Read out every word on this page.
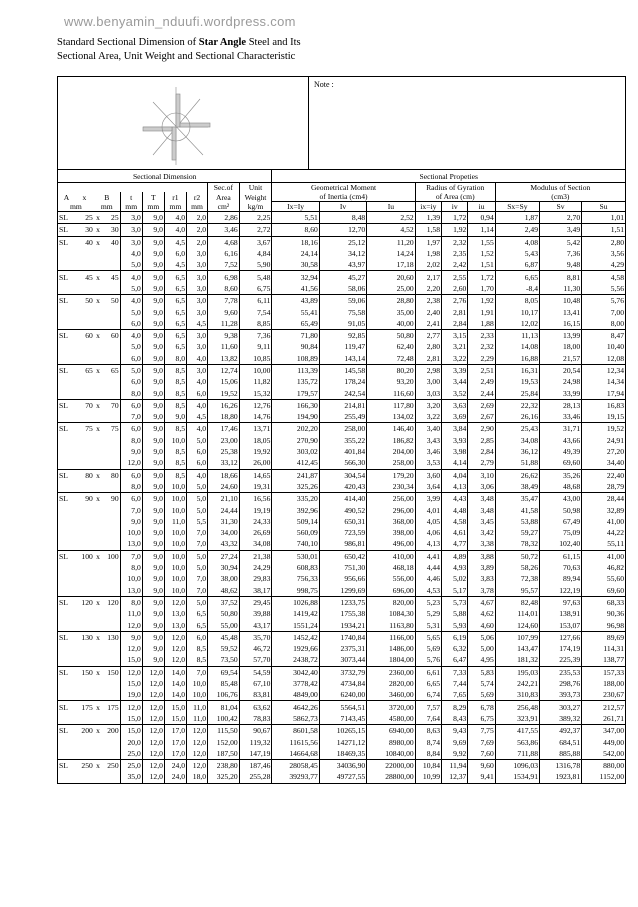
www.benyamin_nduufi.wordpress.com
Standard Sectional Dimension of Star Angle Steel and Its
Sectional Area, Unit Weight and Sectional Characteristic
Note :
Sectional Dimension										Sectional Propeties								
								Sec.of	Unit	Geometrical Moment			Radius of Gyration			Modulus of Section		
A	x	B		t	T	r1	r2	Area	Weight	of Inertia (cm4)			of Area (cm)			(cm3)		
mm		mm		mm	mm	mm	mm	cm²	kg/m	Ix=Iy	Iv	Iu	ix=iy	iv	iu	Sx=Sy	Sv	Su
SL	25	x	25	3,0	9,0	4,0	2,0	2,86	2,25	5,51	8,48	2,52	1,39	1,72	0,94	1,87	2,70	1,01
SL	30	x	30	3,0	9,0	4,0	2,0	3,46	2,72	8,60	12,70	4,52	1,58	1,92	1,14	2,49	3,49	1,51
SL	40	x	40	3,0	9,0	4,5	2,0	4,68	3,67	18,16	25,12	11,20	1,97	2,32	1,55	4,08	5,42	2,80
				4,0	9,0	6,0	3,0	6,16	4,84	24,14	34,12	14,24	1,98	2,35	1,52	5,43	7,36	3,56
				5,0	9,0	4,5	3,0	7,52	5,90	30,58	43,97	17,18	2,02	2,42	1,51	6,87	9,48	4,29
SL	45	x	45	4,0	9,0	6,5	3,0	6,98	5,48	32,94	45,27	20,60	2,17	2,55	1,72	6,65	8,81	4,58
				5,0	9,0	6,5	3,0	8,60	6,75	41,56	58,06	25,00	2,20	2,60	1,70	-8,4	11,30	5,56
SL	50	x	50	4,0	9,0	6,5	3,0	7,78	6,11	43,89	59,06	28,80	2,38	2,76	1,92	8,05	10,48	5,76
				5,0	9,0	6,5	3,0	9,60	7,54	55,41	75,58	35,00	2,40	2,81	1,91	10,17	13,41	7,00
				6,0	9,0	6,5	4,5	11,28	8,85	65,49	91,05	40,00	2,41	2,84	1,88	12,02	16,15	8,00
SL	60	x	60	4,0	9,0	6,5	3,0	9,38	7,36	71,80	92,85	50,80	2,77	3,15	2,33	11,13	13,99	8,47
				5,0	9,0	6,5	3,0	11,60	9,11	90,84	119,47	62,40	2,80	3,21	2,32	14,08	18,00	10,40
				6,0	9,0	8,0	4,0	13,82	10,85	108,89	143,14	72,48	2,81	3,22	2,29	16,88	21,57	12,08
SL	65	x	65	5,0	9,0	8,5	3,0	12,74	10,00	113,39	145,58	80,20	2,98	3,39	2,51	16,31	20,54	12,34
				6,0	9,0	8,5	4,0	15,06	11,82	135,72	178,24	93,20	3,00	3,44	2,49	19,53	24,98	14,34
				8,0	9,0	8,5	6,0	19,52	15,32	179,57	242,54	116,60	3,03	3,52	2,44	25,84	33,99	17,94
SL	70	x	70	6,0	9,0	8,5	4,0	16,26	12,76	166,30	214,81	117,80	3,20	3,63	2,69	22,32	28,13	16,83
				7,0	9,0	9,0	4,5	18,80	14,76	194,90	255,49	134,02	3,22	3,69	2,67	26,16	33,46	19,15
SL	75	x	75	6,0	9,0	8,5	4,0	17,46	13,71	202,20	258,00	146,40	3,40	3,84	2,90	25,43	31,71	19,52
				8,0	9,0	10,0	5,0	23,00	18,05	270,90	355,22	186,82	3,43	3,93	2,85	34,08	43,66	24,91
				9,0	9,0	8,5	6,0	25,38	19,92	303,02	401,84	204,00	3,46	3,98	2,84	36,12	49,39	27,20
				12,0	9,0	8,5	6,0	33,12	26,00	412,45	566,30	258,00	3,53	4,14	2,79	51,88	69,60	34,40
SL	80	x	80	6,0	9,0	8,5	4,0	18,66	14,65	241,87	304,54	179,20	3,60	4,04	3,10	26,62	35,26	22,40
				8,0	9,0	10,0	5,0	24,60	19,31	325,26	420,43	230,34	3,64	4,13	3,06	38,49	48,68	28,79
SL	90	x	90	6,0	9,0	10,0	5,0	21,10	16,56	335,20	414,40	256,00	3,99	4,43	3,48	35,47	43,00	28,44
				7,0	9,0	10,0	5,0	24,44	19,19	392,96	490,52	296,00	4,01	4,48	3,48	41,58	50,98	32,89
				9,0	9,0	11,0	5,5	31,30	24,33	509,14	650,31	368,00	4,05	4,58	3,45	53,88	67,49	41,00
				10,0	9,0	10,0	7,0	34,00	26,69	560,09	723,59	398,00	4,06	4,61	3,42	59,27	75,09	44,22
				13,0	9,0	10,0	7,0	43,32	34,08	740,10	986,81	496,00	4,13	4,77	3,38	78,32	102,40	55,11
SL	100	x	100	7,0	9,0	10,0	5,0	27,24	21,38	530,01	650,42	410,00	4,41	4,89	3,88	50,72	61,15	41,00
				8,0	9,0	10,0	5,0	30,94	24,29	608,83	751,30	468,18	4,44	4,93	3,89	58,26	70,63	46,82
				10,0	9,0	10,0	7,0	38,00	29,83	756,33	956,66	556,00	4,46	5,02	3,83	72,38	89,94	55,60
				13,0	9,0	10,0	7,0	48,62	38,17	998,75	1299,69	696,00	4,53	5,17	3,78	95,57	122,19	69,60
SL	120	x	120	8,0	9,0	12,0	5,0	37,52	29,45	1026,88	1233,75	820,00	5,23	5,73	4,67	82,48	97,63	68,33
				11,0	9,0	13,0	6,5	50,80	39,88	1419,42	1755,38	1084,30	5,29	5,88	4,62	114,01	138,91	90,36
				12,0	9,0	13,0	6,5	55,00	43,17	1551,24	1934,21	1163,80	5,31	5,93	4,60	124,60	153,07	96,98
SL	130	x	130	9,0	9,0	12,0	6,0	45,48	35,70	1452,42	1740,84	1166,00	5,65	6,19	5,06	107,99	127,66	89,69
				12,0	9,0	12,0	8,5	59,52	46,72	1929,66	2375,31	1486,00	5,69	6,32	5,00	143,47	174,19	114,31
				15,0	9,0	12,0	8,5	73,50	57,70	2438,72	3073,44	1804,00	5,76	6,47	4,95	181,32	225,39	138,77
SL	150	x	150	12,0	12,0	14,0	7,0	69,54	54,59	3042,40	3732,79	2360,00	6,61	7,33	5,83	195,03	235,53	157,33
				15,0	12,0	14,0	10,0	85,48	67,10	3778,42	4734,84	2820,00	6,65	7,44	5,74	242,21	298,76	188,00
				19,0	12,0	14,0	10,0	106,76	83,81	4849,00	6240,00	3460,00	6,74	7,65	5,69	310,83	393,73	230,67
SL	175	x	175	12,0	12,0	15,0	11,0	81,04	63,62	4642,26	5564,51	3720,00	7,57	8,29	6,78	256,48	303,27	212,57
				15,0	12,0	15,0	11,0	100,42	78,83	5862,73	7143,45	4580,00	7,64	8,43	6,75	323,91	389,32	261,71
SL	200	x	200	15,0	12,0	17,0	12,0	115,50	90,67	8601,58	10265,15	6940,00	8,63	9,43	7,75	417,55	492,37	347,00
				20,0	12,0	17,0	12,0	152,00	119,32	11615,56	14271,12	8980,00	8,74	9,69	7,69	563,86	684,51	449,00
				25,0	12,0	17,0	12,0	187,50	147,19	14664,68	18469,35	10840,00	8,84	9,92	7,60	711,88	885,88	542,00
SL	250	x	250	25,0	12,0	24,0	12,0	238,80	187,46	28058,45	34036,90	22000,00	10,84	11,94	9,60	1096,03	1316,78	880,00
				35,0	12,0	24,0	18,0	325,20	255,28	39293,77	49727,55	28800,00	10,99	12,37	9,41	1534,91	1923,81	1152,00
